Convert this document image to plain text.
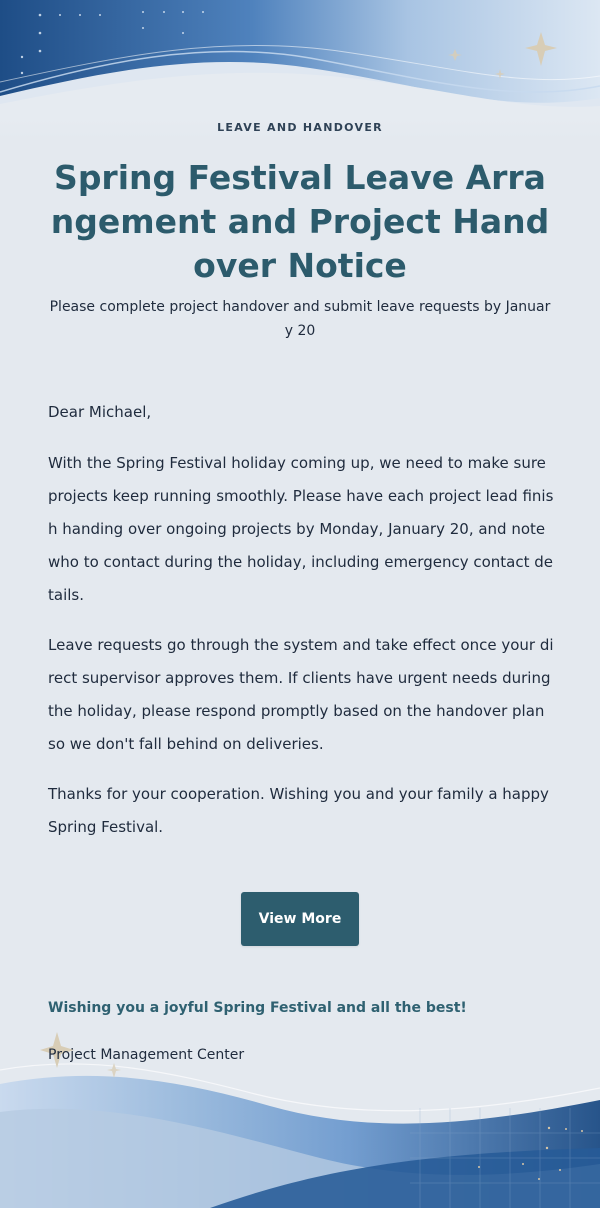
LEAVE AND HANDOVER
Spring Festival Leave Arrangement and Project Handover Notice
Please complete project handover and submit leave requests by January 20
Dear Michael,
With the Spring Festival holiday coming up, we need to make sure projects keep running smoothly. Please have each project lead finish handing over ongoing projects by Monday, January 20, and note who to contact during the holiday, including emergency contact details.
Leave requests go through the system and take effect once your direct supervisor approves them. If clients have urgent needs during the holiday, please respond promptly based on the handover plan so we don't fall behind on deliveries.
Thanks for your cooperation. Wishing you and your family a happy Spring Festival.
View More
Wishing you a joyful Spring Festival and all the best!
Project Management Center
